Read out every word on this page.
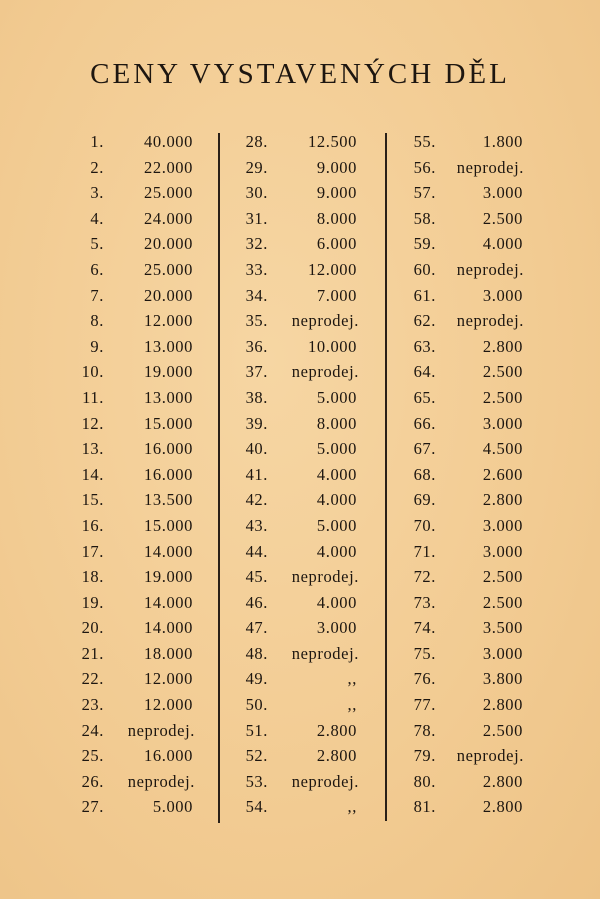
CENY VYSTAVENÝCH DĚL
1. 40.000
2. 22.000
3. 25.000
4. 24.000
5. 20.000
6. 25.000
7. 20.000
8. 12.000
9. 13.000
10. 19.000
11. 13.000
12. 15.000
13. 16.000
14. 16.000
15. 13.500
16. 15.000
17. 14.000
18. 19.000
19. 14.000
20. 14.000
21. 18.000
22. 12.000
23. 12.000
24. neprodej.
25. 16.000
26. neprodej.
27.	5.000
28. 12.500
29.	9.000
30.	9.000
31.	8.000
32.	6.000
33. 12.000
34.	7.000
35. neprodej.
36. 10.000
37. neprodej.
38.	5.000
39.	8.000
40.	5.000
41.	4.000
42.	4.000
43.	5.000
44.	4.000
45. neprodej.
46.	4.000
47.	3.000
48. neprodej.
49.	,,
50.	,,
51.	2.800
52.	2.800
53. neprodej.
54.	,,
55.	1.800
56. neprodej.
57.	3.000
58.	2.500
59.	4.000
60. neprodej.
61.	3.000
62. neprodej.
63.	2.800
64.	2.500
65.	2.500
66.	3.000
67.	4.500
68.	2.600
69.	2.800
70.	3.000
71.	3.000
72.	2.500
73.	2.500
74.	3.500
75.	3.000
76.	3.800
77.	2.800
78.	2.500
79. neprodej.
80.	2.800
81.	2.800
